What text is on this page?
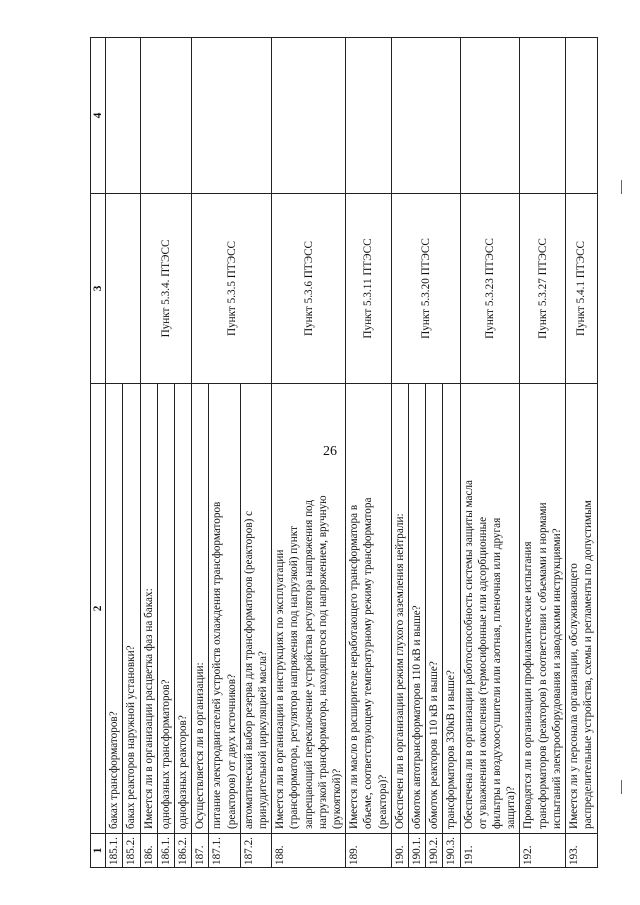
26
1	2	3	4
185.1.	баках трансформаторов?		

185.2.	баках реакторов наружной установки?		

186.	Имеется ли в организации расцветка фаз на баках:	Пункт 5.3.4. ПТЭСС	
186.1.	однофазных трансформаторов?		

186.2.	однофазных реакторов?		

187.	Осуществляется ли в организации:	Пункт 5.3.5 ПТЭСС	
187.1.	питание электродвигателей устройств охлаждения трансформаторов (реакторов) от двух источников?		

187.2.	автоматический выбор резерва для трансформаторов (реакторов) с принудительной циркуляцией масла?		

188.	Имеется ли в организации в инструкциях по эксплуатации (трансформатора, регулятора напряжения под нагрузкой) пункт запрещающий переключение устройства регулятора напряжения под нагрузкой трансформатора, находящегося под напряжением, вручную (рукояткой)?	Пункт 5.3.6 ПТЭСС	
189.	Имеется ли масло в расширителе неработающего трансформатора в объеме, соответствующему температурному режиму трансформатора (реактора)?	Пункт 5.3.11 ПТЭСС	
190.	Обеспечен ли в организации режим глухого заземления нейтрали:	Пункт 5.3.20 ПТЭСС	
190.1.	обмоток автотрансформаторов 110 кВ и выше?		

190.2.	обмоток реакторов 110 кВ и выше?		

190.3.	трансформаторов 330кВ и выше?		

191.	Обеспечена ли в организации работоспособность системы защиты масла от увлажнения и окисления (термосифонные или адсорбционные фильтры и воздухоосушители или азотная, пленочная или другая защита)?	Пункт 5.3.23 ПТЭСС	
192.	Проводятся ли в организации профилактические испытания трансформаторов (реакторов) в соответствии с объемами и нормами испытаний электрооборудования и заводскими инструкциями?	Пункт 5.3.27 ПТЭСС	
193.	Имеется ли у персонала организации, обслуживающего распределительные устройства, схемы и регламенты по допустимым	Пункт 5.4.1 ПТЭСС	
